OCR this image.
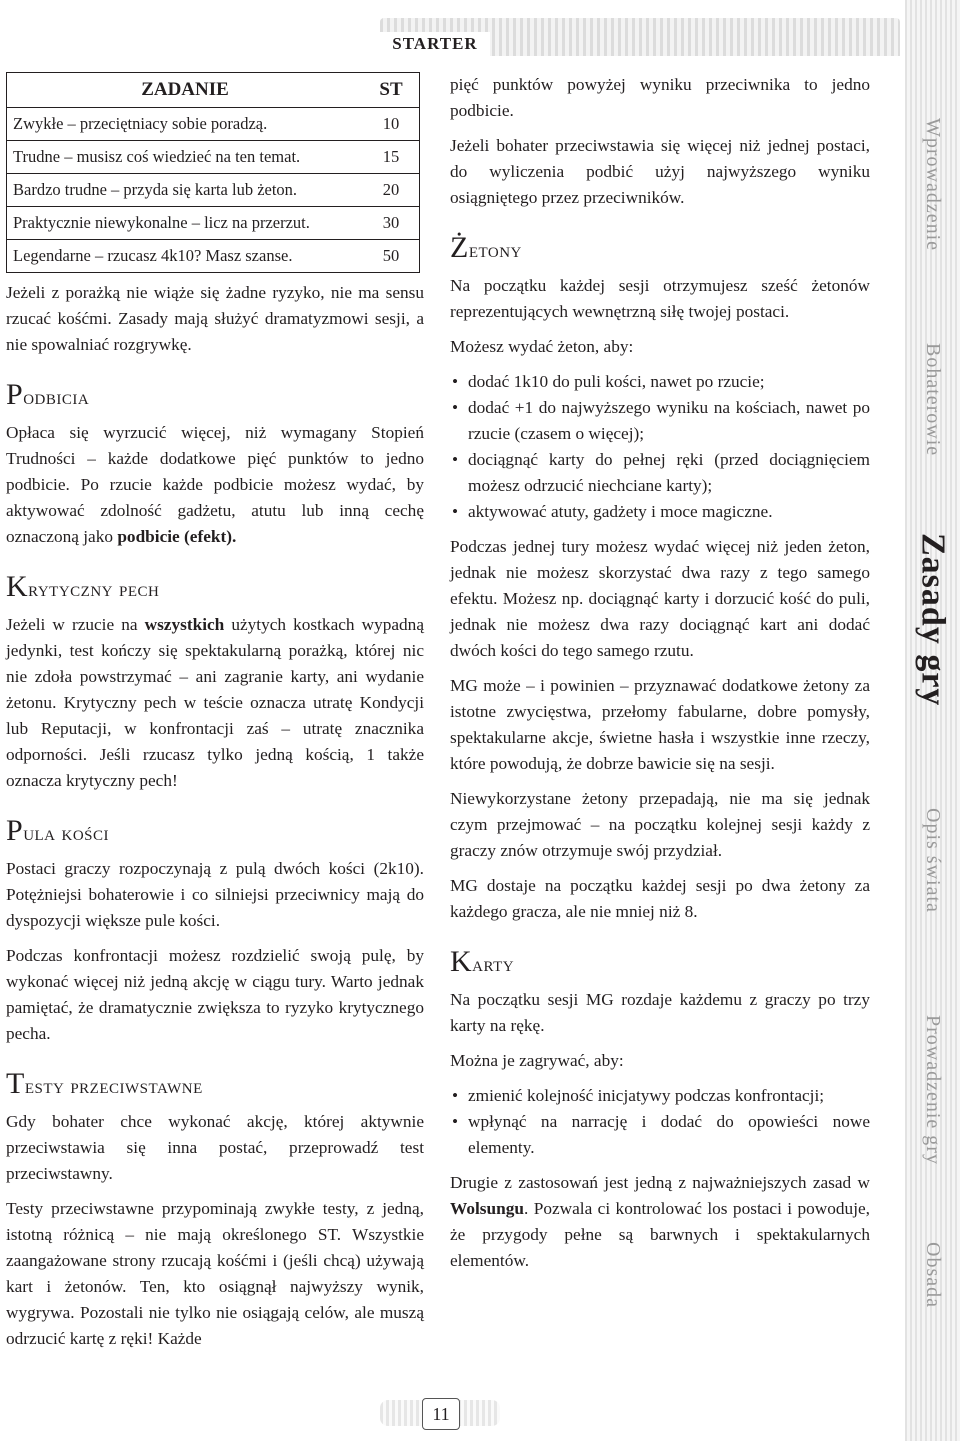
STARTER
ZADANIE	ST
Zwykłe – przeciętniacy sobie poradzą.	10
Trudne – musisz coś wiedzieć na ten temat.	15
Bardzo trudne – przyda się karta lub żeton.	20
Praktycznie niewykonalne – licz na przerzut.	30
Legendarne – rzucasz 4k10? Masz szanse.	50

Jeżeli z porażką nie wiąże się żadne ryzyko, nie ma sensu rzucać kośćmi. Zasady mają służyć dramatyzmowi sesji, a nie spowalniać rozgrywkę.

Podbicia

Opłaca się wyrzucić więcej, niż wymagany Stopień Trudności – każde dodatkowe pięć punktów to jedno podbicie. Po rzucie każde podbicie możesz wydać, by aktywować zdolność gadżetu, atutu lub inną cechę oznaczoną jako podbicie (efekt).

Krytyczny pech

Jeżeli w rzucie na wszystkich użytych kostkach wypadną jedynki, test kończy się spektakularną porażką, której nic nie zdoła powstrzymać – ani zagranie karty, ani wydanie żetonu. Krytyczny pech w teście oznacza utratę Kondycji lub Reputacji, w konfrontacji zaś – utratę znacznika odporności. Jeśli rzucasz tylko jedną kością, 1 także oznacza krytyczny pech!

Pula kości

Postaci graczy rozpoczynają z pulą dwóch kości (2k10). Potężniejsi bohaterowie i co silniejsi przeciwnicy mają do dyspozycji większe pule kości.

Podczas konfrontacji możesz rozdzielić swoją pulę, by wykonać więcej niż jedną akcję w ciągu tury. Warto jednak pamiętać, że dramatycznie zwiększa to ryzyko krytycznego pecha.

Testy przeciwstawne

Gdy bohater chce wykonać akcję, której aktywnie przeciwstawia się inna postać, przeprowadź test przeciwstawny.

Testy przeciwstawne przypominają zwykłe testy, z jedną, istotną różnicą – nie mają określonego ST. Wszystkie zaangażowane strony rzucają kośćmi i (jeśli chcą) używają kart i żetonów. Ten, kto osiągnął najwyższy wynik, wygrywa. Pozostali nie tylko nie osiągają celów, ale muszą odrzucić kartę z ręki! Każde

pięć punktów powyżej wyniku przeciwnika to jedno podbicie.

Jeżeli bohater przeciwstawia się więcej niż jednej postaci, do wyliczenia podbić użyj najwyższego wyniku osiągniętego przez przeciwników.

Żetony

Na początku każdej sesji otrzymujesz sześć żetonów reprezentujących wewnętrzną siłę twojej postaci.

Możesz wydać żeton, aby:

• dodać 1k10 do puli kości, nawet po rzucie;
• dodać +1 do najwyższego wyniku na kościach, nawet po rzucie (czasem o więcej);
• dociągnąć karty do pełnej ręki (przed dociągnięciem możesz odrzucić niechciane karty);
• aktywować atuty, gadżety i moce magiczne.

Podczas jednej tury możesz wydać więcej niż jeden żeton, jednak nie możesz skorzystać dwa razy z tego samego efektu. Możesz np. dociągnąć karty i dorzucić kość do puli, jednak nie możesz dwa razy dociągnąć kart ani dodać dwóch kości do tego samego rzutu.

MG może – i powinien – przyznawać dodatkowe żetony za istotne zwycięstwa, przełomy fabularne, dobre pomysły, spektakularne akcje, świetne hasła i wszystkie inne rzeczy, które powodują, że dobrze bawicie się na sesji.

Niewykorzystane żetony przepadają, nie ma się jednak czym przejmować – na początku kolejnej sesji każdy z graczy znów otrzymuje swój przydział.

MG dostaje na początku każdej sesji po dwa żetony za każdego gracza, ale nie mniej niż 8.

Karty

Na początku sesji MG rozdaje każdemu z graczy po trzy karty na rękę.

Można je zagrywać, aby:

• zmienić kolejność inicjatywy podczas konfrontacji;
• wpłynąć na narrację i dodać do opowieści nowe elementy.

Drugie z zastosowań jest jedną z najważniejszych zasad w Wolsungu. Pozwala ci kontrolować los postaci i powoduje, że przygody pełne są barwnych i spektakularnych elementów.

Wprowadzenie
Bohaterowie
Zasady gry
Opis świata
Prowadzenie gry
Obsada
11
